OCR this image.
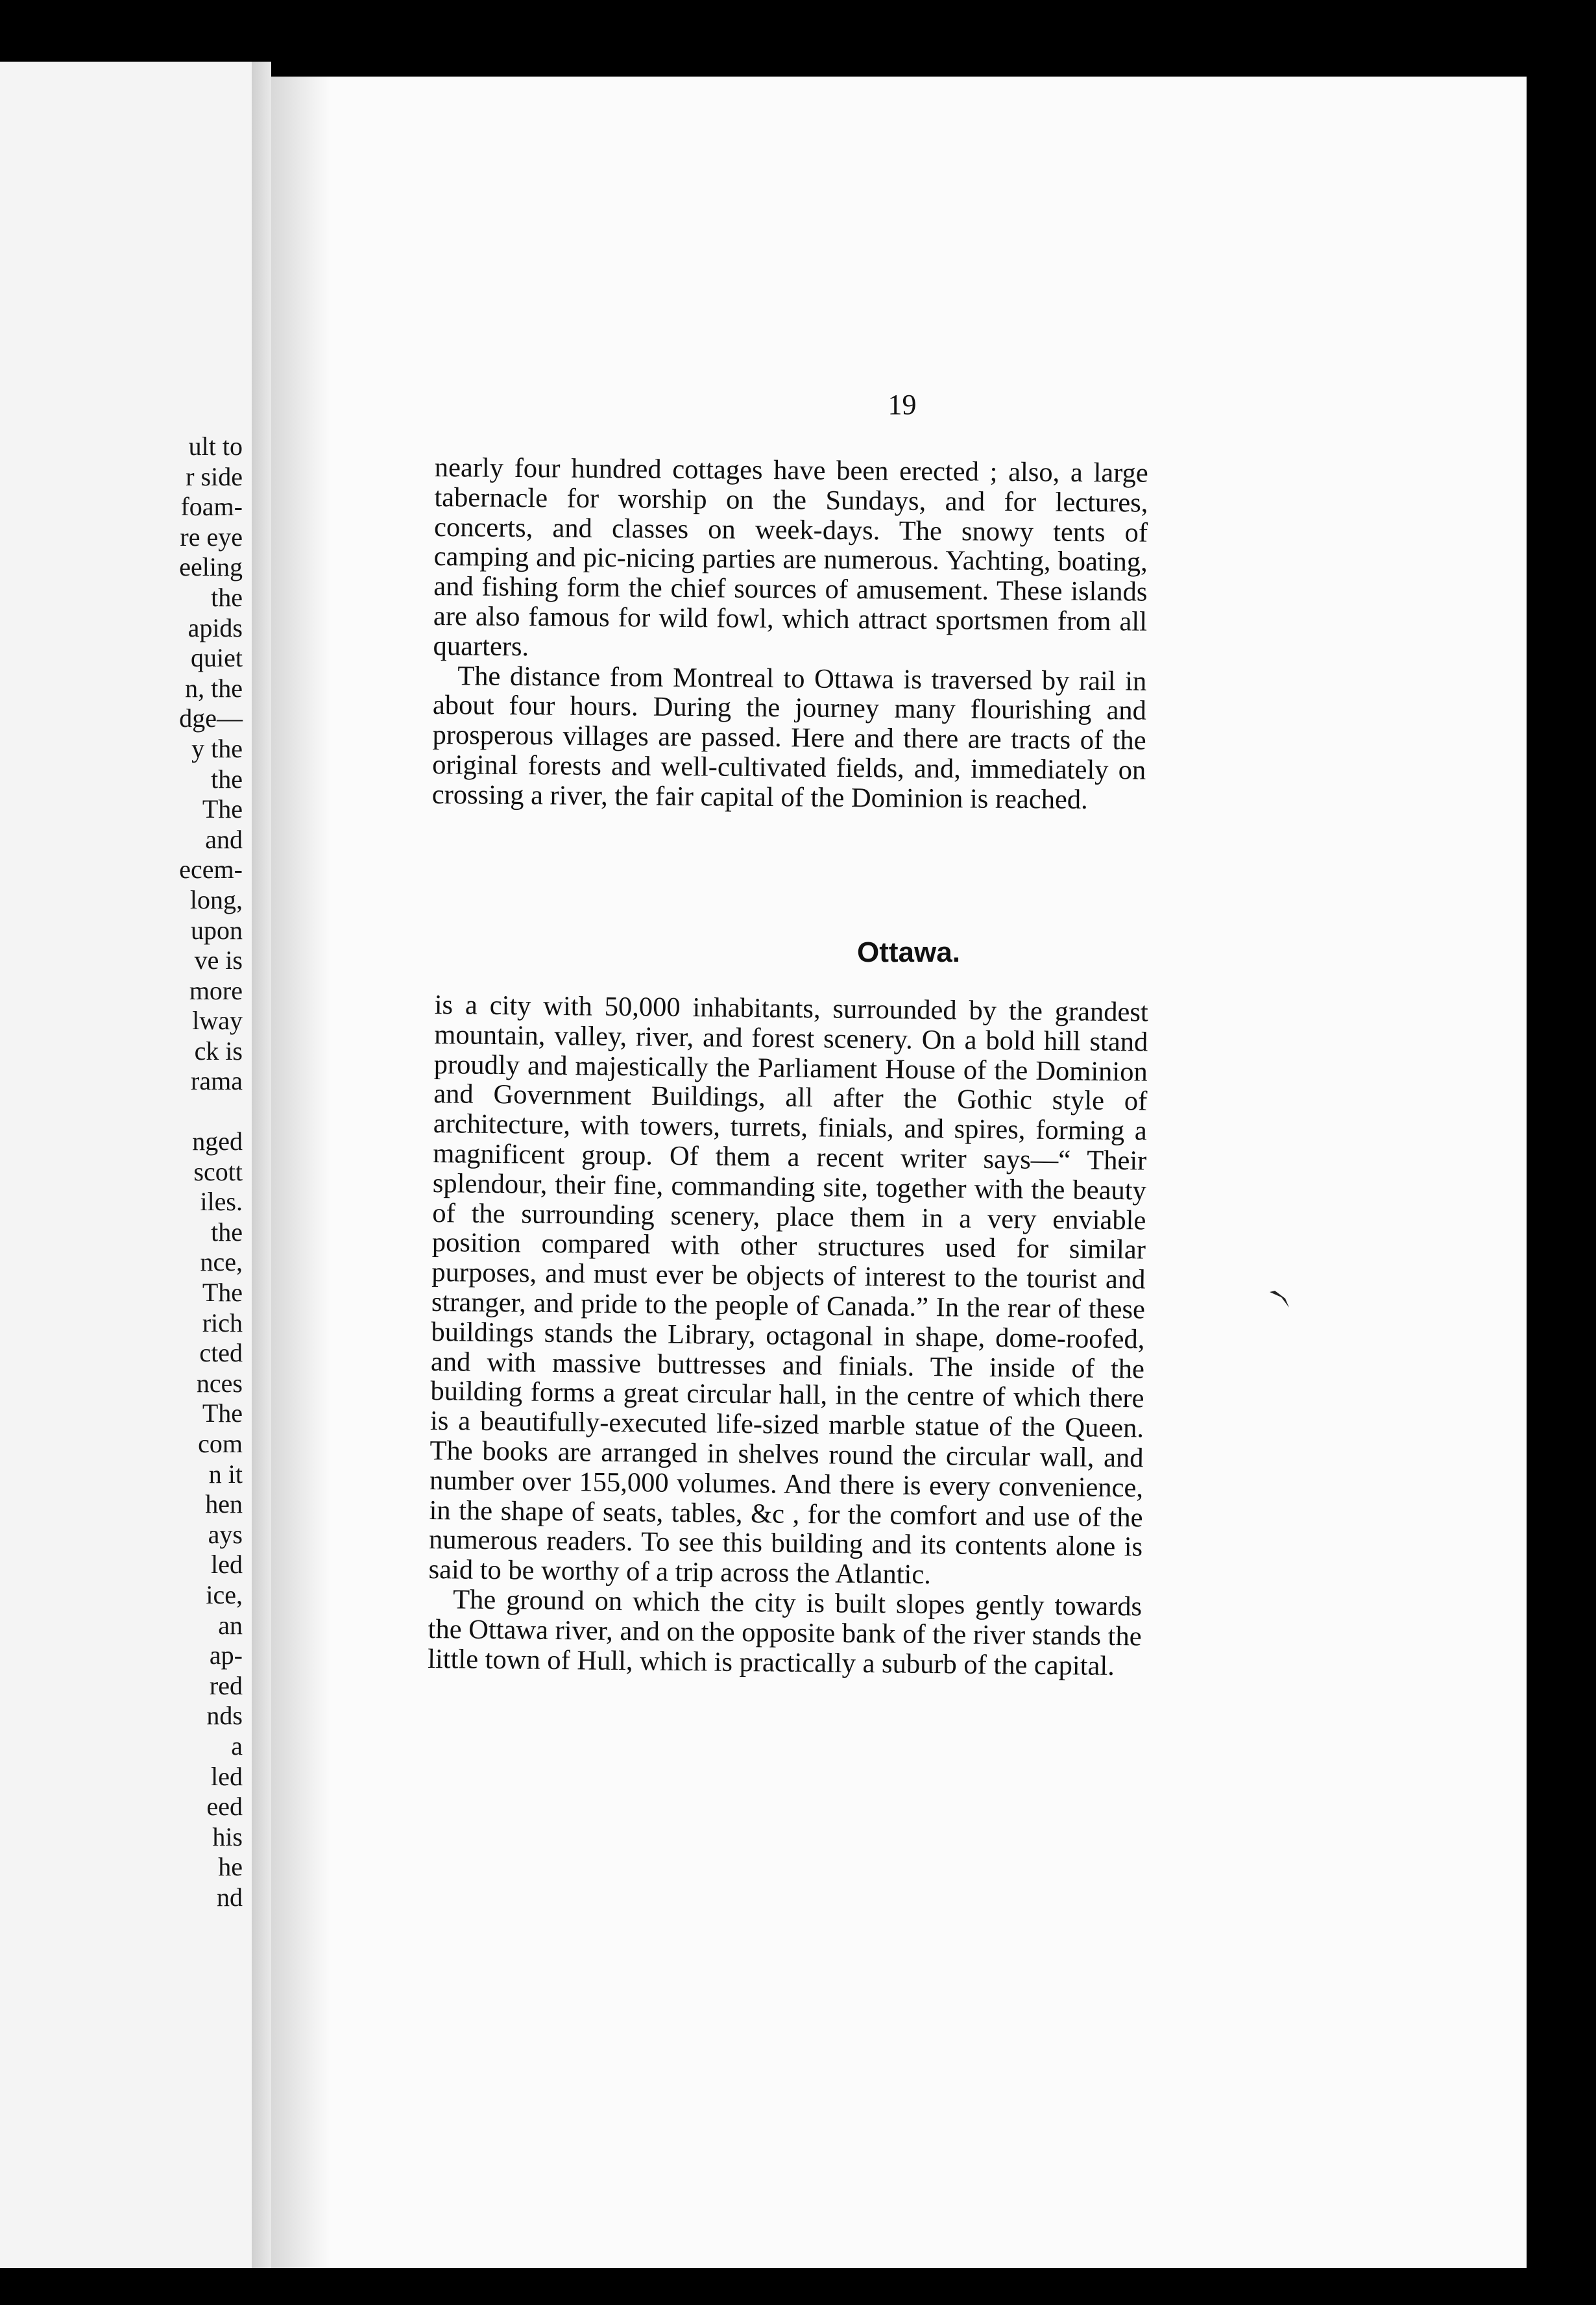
ult to
r side
foam-
re eye
eeling
the
apids
quiet
n, the
dge—
y the
the
The
and
ecem-
long,
upon
ve is
more
lway
ck is
rama
nged
scott
iles.
the
nce,
The
rich
cted
nces
The
com
n it
hen
ays
led
ice,
an
ap-
red
nds
a
led
eed
his
he
nd
19

nearly four hundred cottages have been erected ; also, a large tabernacle for worship on the Sundays, and for lectures, concerts, and classes on week-days. The snowy tents of camping and pic-nicing parties are numerous. Yachting, boating, and fishing form the chief sources of amusement. These islands are also famous for wild fowl, which attract sportsmen from all quarters.

The distance from Montreal to Ottawa is traversed by rail in about four hours. During the journey many flourishing and prosperous villages are passed. Here and there are tracts of the original forests and well-cultivated fields, and, immediately on crossing a river, the fair capital of the Dominion is reached.

Ottawa.

is a city with 50,000 inhabitants, surrounded by the grandest mountain, valley, river, and forest scenery. On a bold hill stand proudly and majestically the Parliament House of the Dominion and Government Buildings, all after the Gothic style of architecture, with towers, turrets, finials, and spires, forming a magnificent group. Of them a recent writer says—“ Their splendour, their fine, commanding site, together with the beauty of the surrounding scenery, place them in a very enviable position compared with other structures used for similar purposes, and must ever be objects of interest to the tourist and stranger, and pride to the people of Canada.” In the rear of these buildings stands the Library, octagonal in shape, dome-roofed, and with massive buttresses and finials. The inside of the building forms a great circular hall, in the centre of which there is a beautifully-executed life-sized marble statue of the Queen. The books are arranged in shelves round the circular wall, and number over 155,000 volumes. And there is every convenience, in the shape of seats, tables, &c , for the comfort and use of the numerous readers. To see this building and its contents alone is said to be worthy of a trip across the Atlantic.

The ground on which the city is built slopes gently towards the Ottawa river, and on the opposite bank of the river stands the little town of Hull, which is practically a suburb of the capital.
